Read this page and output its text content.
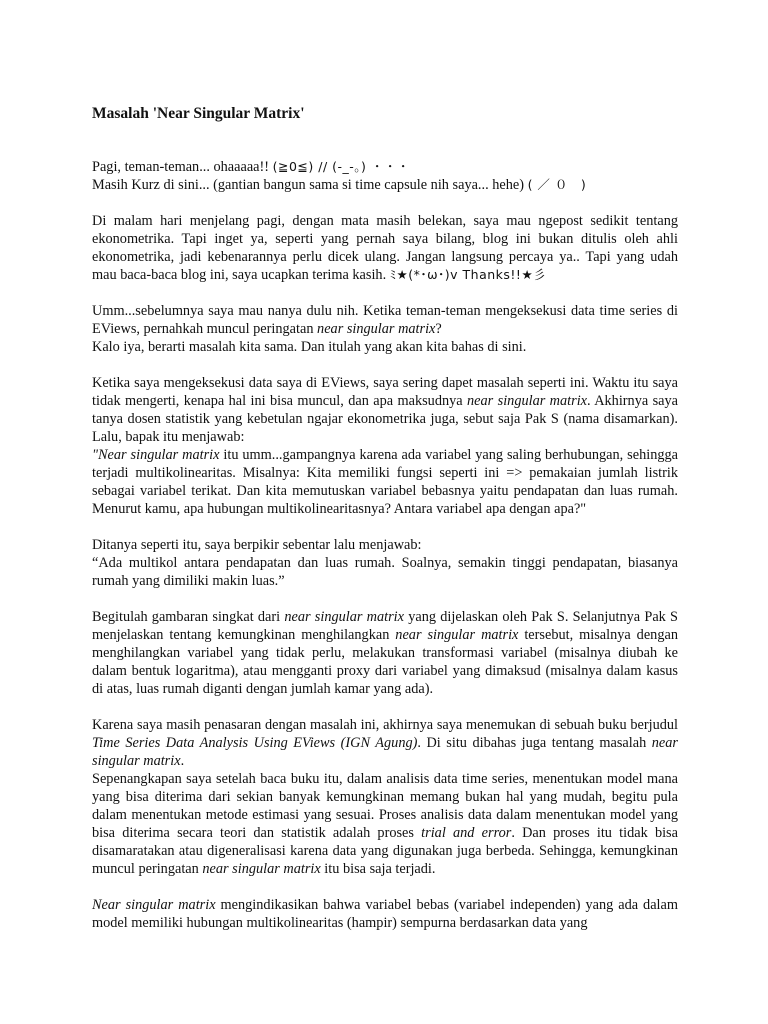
Masalah 'Near Singular Matrix'

Pagi, teman-teman... ohaaaaa!! (≧0≦) // (-_-。) ・・・
Masih Kurz di sini... (gantian bangun sama si time capsule nih saya... hehe) ( ／ ０　)

Di malam hari menjelang pagi, dengan mata masih belekan, saya mau ngepost sedikit tentang ekonometrika. Tapi inget ya, seperti yang pernah saya bilang, blog ini bukan ditulis oleh ahli ekonometrika, jadi kebenarannya perlu dicek ulang. Jangan langsung percaya ya.. Tapi yang udah mau baca-baca blog ini, saya ucapkan terima kasih. ﾐ★(*･ω･)v Thanks!!★彡

Umm...sebelumnya saya mau nanya dulu nih. Ketika teman-teman mengeksekusi data time series di EViews, pernahkah muncul peringatan near singular matrix?
Kalo iya, berarti masalah kita sama. Dan itulah yang akan kita bahas di sini.

Ketika saya mengeksekusi data saya di EViews, saya sering dapet masalah seperti ini. Waktu itu saya tidak mengerti, kenapa hal ini bisa muncul, dan apa maksudnya near singular matrix. Akhirnya saya tanya dosen statistik yang kebetulan ngajar ekonometrika juga, sebut saja Pak S (nama disamarkan). Lalu, bapak itu menjawab:
"Near singular matrix itu umm...gampangnya karena ada variabel yang saling berhubungan, sehingga terjadi multikolinearitas. Misalnya: Kita memiliki fungsi seperti ini => pemakaian jumlah listrik sebagai variabel terikat. Dan kita memutuskan variabel bebasnya yaitu pendapatan dan luas rumah. Menurut kamu, apa hubungan multikolinearitasnya? Antara variabel apa dengan apa?"

Ditanya seperti itu, saya berpikir sebentar lalu menjawab:
“Ada multikol antara pendapatan dan luas rumah. Soalnya, semakin tinggi pendapatan, biasanya rumah yang dimiliki makin luas.”

Begitulah gambaran singkat dari near singular matrix yang dijelaskan oleh Pak S. Selanjutnya Pak S menjelaskan tentang kemungkinan menghilangkan near singular matrix tersebut, misalnya dengan menghilangkan variabel yang tidak perlu, melakukan transformasi variabel (misalnya diubah ke dalam bentuk logaritma), atau mengganti proxy dari variabel yang dimaksud (misalnya dalam kasus di atas, luas rumah diganti dengan jumlah kamar yang ada).

Karena saya masih penasaran dengan masalah ini, akhirnya saya menemukan di sebuah buku berjudul Time Series Data Analysis Using EViews (IGN Agung). Di situ dibahas juga tentang masalah near singular matrix.
Sepenangkapan saya setelah baca buku itu, dalam analisis data time series, menentukan model mana yang bisa diterima dari sekian banyak kemungkinan memang bukan hal yang mudah, begitu pula dalam menentukan metode estimasi yang sesuai. Proses analisis data dalam menentukan model yang bisa diterima secara teori dan statistik adalah proses trial and error. Dan proses itu tidak bisa disamaratakan atau digeneralisasi karena data yang digunakan juga berbeda. Sehingga, kemungkinan muncul peringatan near singular matrix itu bisa saja terjadi.

Near singular matrix mengindikasikan bahwa variabel bebas (variabel independen) yang ada dalam model memiliki hubungan multikolinearitas (hampir) sempurna berdasarkan data yang
